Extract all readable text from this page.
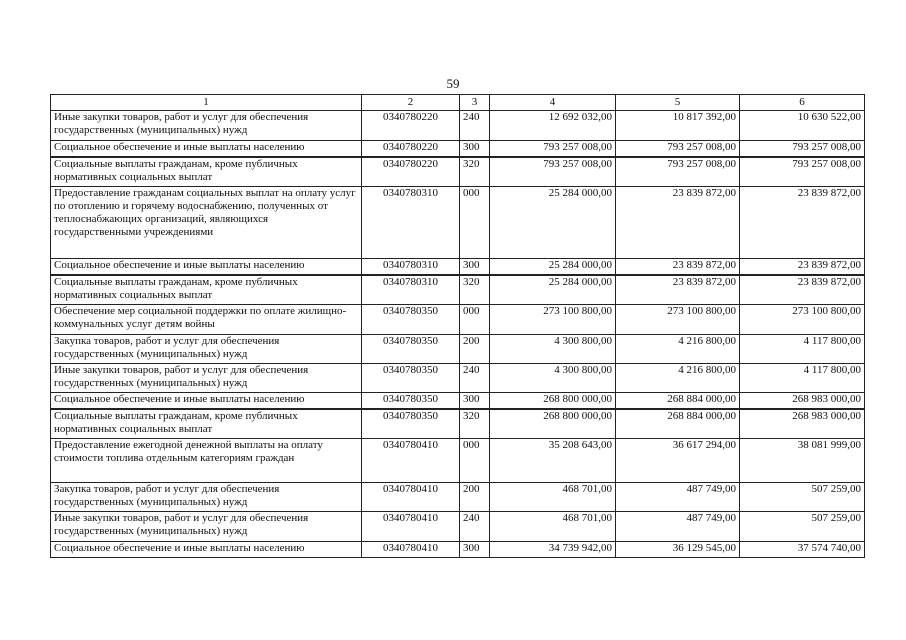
59
1	2	3	4	5	6
Иные закупки товаров, работ и услуг для обеспечения государственных (муниципальных) нужд	0340780220	240	12 692 032,00	10 817 392,00	10 630 522,00
Социальное обеспечение и иные выплаты населению	0340780220	300	793 257 008,00	793 257 008,00	793 257 008,00
Социальные выплаты гражданам, кроме публичных нормативных социальных выплат	0340780220	320	793 257 008,00	793 257 008,00	793 257 008,00
Предоставление гражданам социальных выплат на оплату услуг по отоплению и горячему водоснабжению, полученных от теплоснабжающих организаций, являющихся государственными учреждениями	0340780310	000	25 284 000,00	23 839 872,00	23 839 872,00
Социальное обеспечение и иные выплаты населению	0340780310	300	25 284 000,00	23 839 872,00	23 839 872,00
Социальные выплаты гражданам, кроме публичных нормативных социальных выплат	0340780310	320	25 284 000,00	23 839 872,00	23 839 872,00
Обеспечение мер социальной поддержки по оплате жилищно-коммунальных услуг детям войны	0340780350	000	273 100 800,00	273 100 800,00	273 100 800,00
Закупка товаров, работ и услуг для обеспечения государственных (муниципальных) нужд	0340780350	200	4 300 800,00	4 216 800,00	4 117 800,00
Иные закупки товаров, работ и услуг для обеспечения государственных (муниципальных) нужд	0340780350	240	4 300 800,00	4 216 800,00	4 117 800,00
Социальное обеспечение и иные выплаты населению	0340780350	300	268 800 000,00	268 884 000,00	268 983 000,00
Социальные выплаты гражданам, кроме публичных нормативных социальных выплат	0340780350	320	268 800 000,00	268 884 000,00	268 983 000,00
Предоставление ежегодной денежной выплаты на оплату стоимости топлива отдельным категориям граждан	0340780410	000	35 208 643,00	36 617 294,00	38 081 999,00
Закупка товаров, работ и услуг для обеспечения государственных (муниципальных) нужд	0340780410	200	468 701,00	487 749,00	507 259,00
Иные закупки товаров, работ и услуг для обеспечения государственных (муниципальных) нужд	0340780410	240	468 701,00	487 749,00	507 259,00
Социальное обеспечение и иные выплаты населению	0340780410	300	34 739 942,00	36 129 545,00	37 574 740,00
